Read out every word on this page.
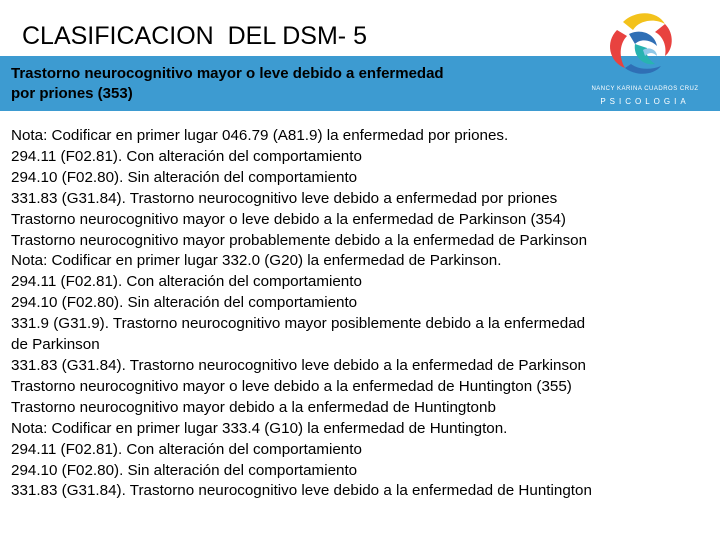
CLASIFICACION  DEL DSM- 5
Trastorno neurocognitivo mayor o leve debido a enfermedad
por priones (353)	NANCY KARINA CUADROS CRUZ
PSICOLOGIA
Nota: Codificar en primer lugar 046.79 (A81.9) la enfermedad por priones.
294.11 (F02.81). Con alteración del comportamiento
294.10 (F02.80). Sin alteración del comportamiento
331.83 (G31.84). Trastorno neurocognitivo leve debido a enfermedad por priones
Trastorno neurocognitivo mayor o leve debido a la enfermedad de Parkinson (354)
Trastorno neurocognitivo mayor probablemente debido a la enfermedad de Parkinson
Nota: Codificar en primer lugar 332.0 (G20) la enfermedad de Parkinson.
294.11 (F02.81). Con alteración del comportamiento
294.10 (F02.80). Sin alteración del comportamiento
331.9 (G31.9). Trastorno neurocognitivo mayor posiblemente debido a la enfermedad
de Parkinson
331.83 (G31.84). Trastorno neurocognitivo leve debido a la enfermedad de Parkinson
Trastorno neurocognitivo mayor o leve debido a la enfermedad de Huntington (355)
Trastorno neurocognitivo mayor debido a la enfermedad de Huntingtonb
Nota: Codificar en primer lugar 333.4 (G10) la enfermedad de Huntington.
294.11 (F02.81). Con alteración del comportamiento
294.10 (F02.80). Sin alteración del comportamiento
331.83 (G31.84). Trastorno neurocognitivo leve debido a la enfermedad de Huntington
